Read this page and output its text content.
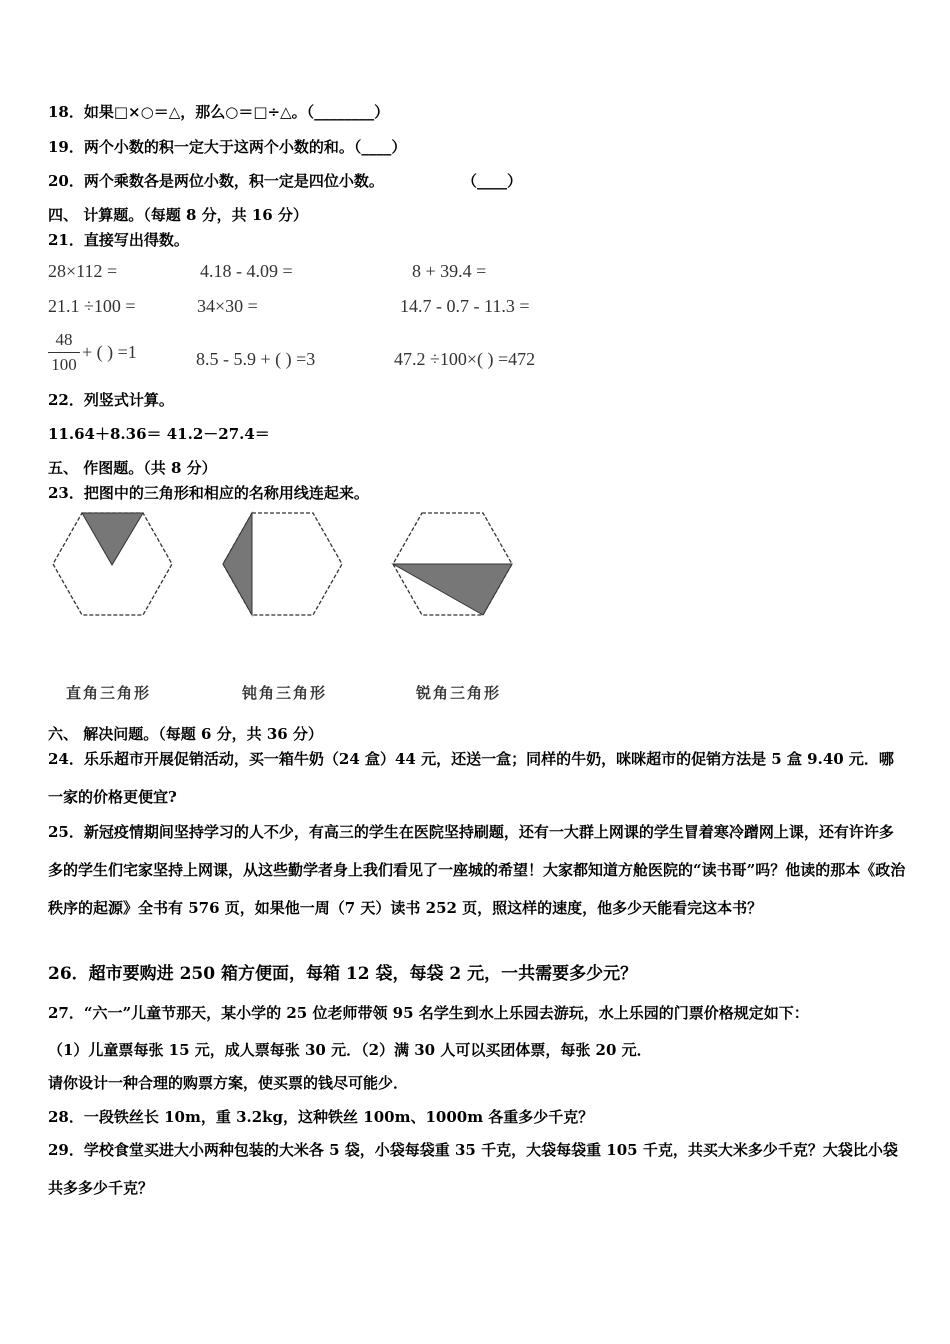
18．如果□×○＝△，那么○＝□÷△。（________）
19．两个小数的积一定大于这两个小数的和。（____）
20．两个乘数各是两位小数，积一定是四位小数。	（____）
四、 计算题。（每题 8 分，共 16 分）
21．直接写出得数。
28×112 =	4.18 - 4.09 =	8 + 39.4 =
21.1 ÷100 =	34×30 =	14.7 - 0.7 - 11.3 =
48
100
+ ( ) =1	8.5 - 5.9 + ( ) =3	47.2 ÷100×( ) =472
22．列竖式计算。
11.64＋8.36＝ 41.2－27.4＝
五、 作图题。（共 8 分）
23．把图中的三角形和相应的名称用线连起来。
直角三角形	钝角三角形	锐角三角形
六、 解决问题。（每题 6 分，共 36 分）
24．乐乐超市开展促销活动，买一箱牛奶（24 盒）44 元，还送一盒；同样的牛奶，咪咪超市的促销方法是 5 盒 9.40 元．哪一家的价格更便宜?
25．新冠疫情期间坚持学习的人不少，有高三的学生在医院坚持刷题，还有一大群上网课的学生冒着寒冷蹭网上课，还有许许多多的学生们宅家坚持上网课，从这些勤学者身上我们看见了一座城的希望！大家都知道方舱医院的“读书哥”吗？他读的那本《政治秩序的起源》全书有 576 页，如果他一周（7 天）读书 252 页，照这样的速度，他多少天能看完这本书？
26．超市要购进 250 箱方便面，每箱 12 袋，每袋 2 元，一共需要多少元？
27．“六一”儿童节那天，某小学的 25 位老师带领 95 名学生到水上乐园去游玩，水上乐园的门票价格规定如下：
（1）儿童票每张 15 元，成人票每张 30 元．（2）满 30 人可以买团体票，每张 20 元．
请你设计一种合理的购票方案，使买票的钱尽可能少．
28．一段铁丝长 10m，重 3.2kg，这种铁丝 100m、1000m 各重多少千克？
29．学校食堂买进大小两种包装的大米各 5 袋，小袋每袋重 35 千克，大袋每袋重 105 千克，共买大米多少千克？大袋比小袋共多多少千克？
